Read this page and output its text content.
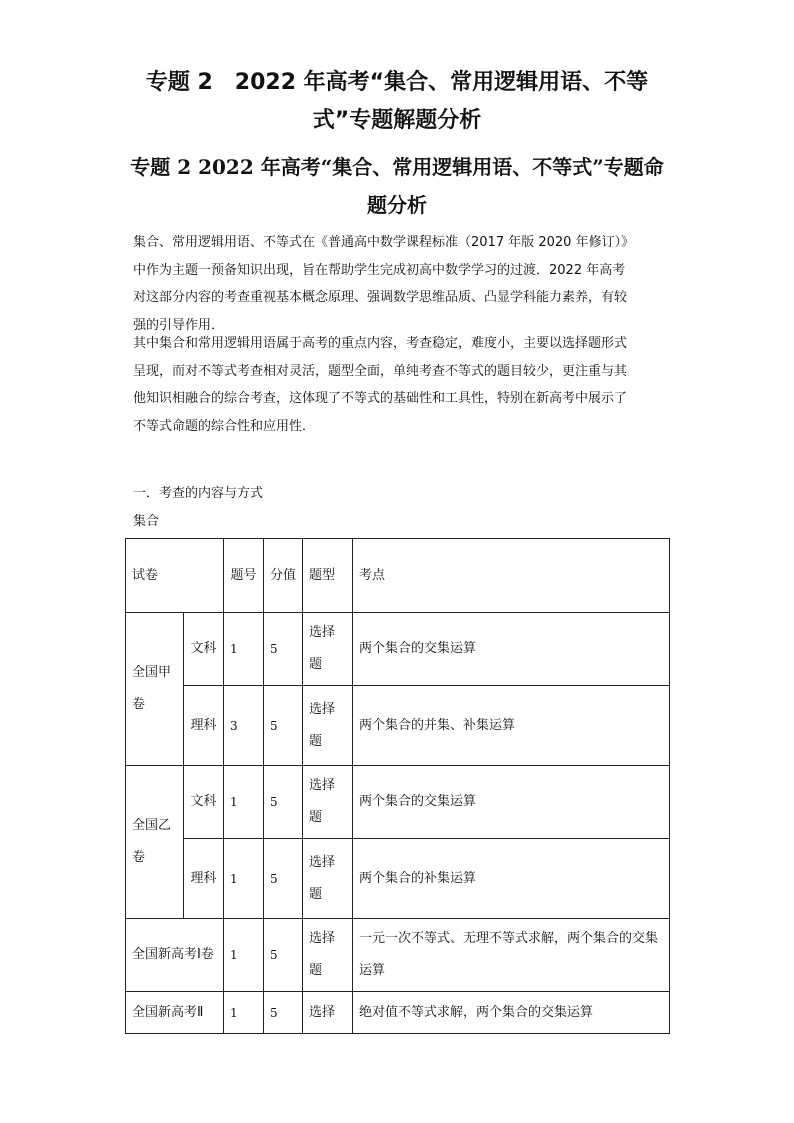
专题 2　2022 年高考“集合、常用逻辑用语、不等
式”专题解题分析
专题 2 2022 年高考“集合、常用逻辑用语、不等式”专题命
题分析
集合、常用逻辑用语、不等式在《普通高中数学课程标准（2017 年版 2020 年修订）》
中作为主题一预备知识出现，旨在帮助学生完成初高中数学学习的过渡．2022 年高考
对这部分内容的考查重视基本概念原理、强调数学思维品质、凸显学科能力素养，有较
强的引导作用．
其中集合和常用逻辑用语属于高考的重点内容，考查稳定，难度小，主要以选择题形式
呈现，而对不等式考查相对灵活，题型全面，单纯考查不等式的题目较少，更注重与其
他知识相融合的综合考查，这体现了不等式的基础性和工具性，特别在新高考中展示了
不等式命题的综合性和应用性．
一．考查的内容与方式
集合
试卷		题号	分值	题型	考点
全国甲卷	文科	1	5	选择题	两个集合的交集运算
	理科	3	5	选择题	两个集合的并集、补集运算
全国乙卷	文科	1	5	选择题	两个集合的交集运算
	理科	1	5	选择题	两个集合的补集运算
全国新高考Ⅰ卷		1	5	选择题	一元一次不等式、无理不等式求解，两个集合的交集运算
全国新高考Ⅱ		1	5	选择	绝对值不等式求解，两个集合的交集运算
